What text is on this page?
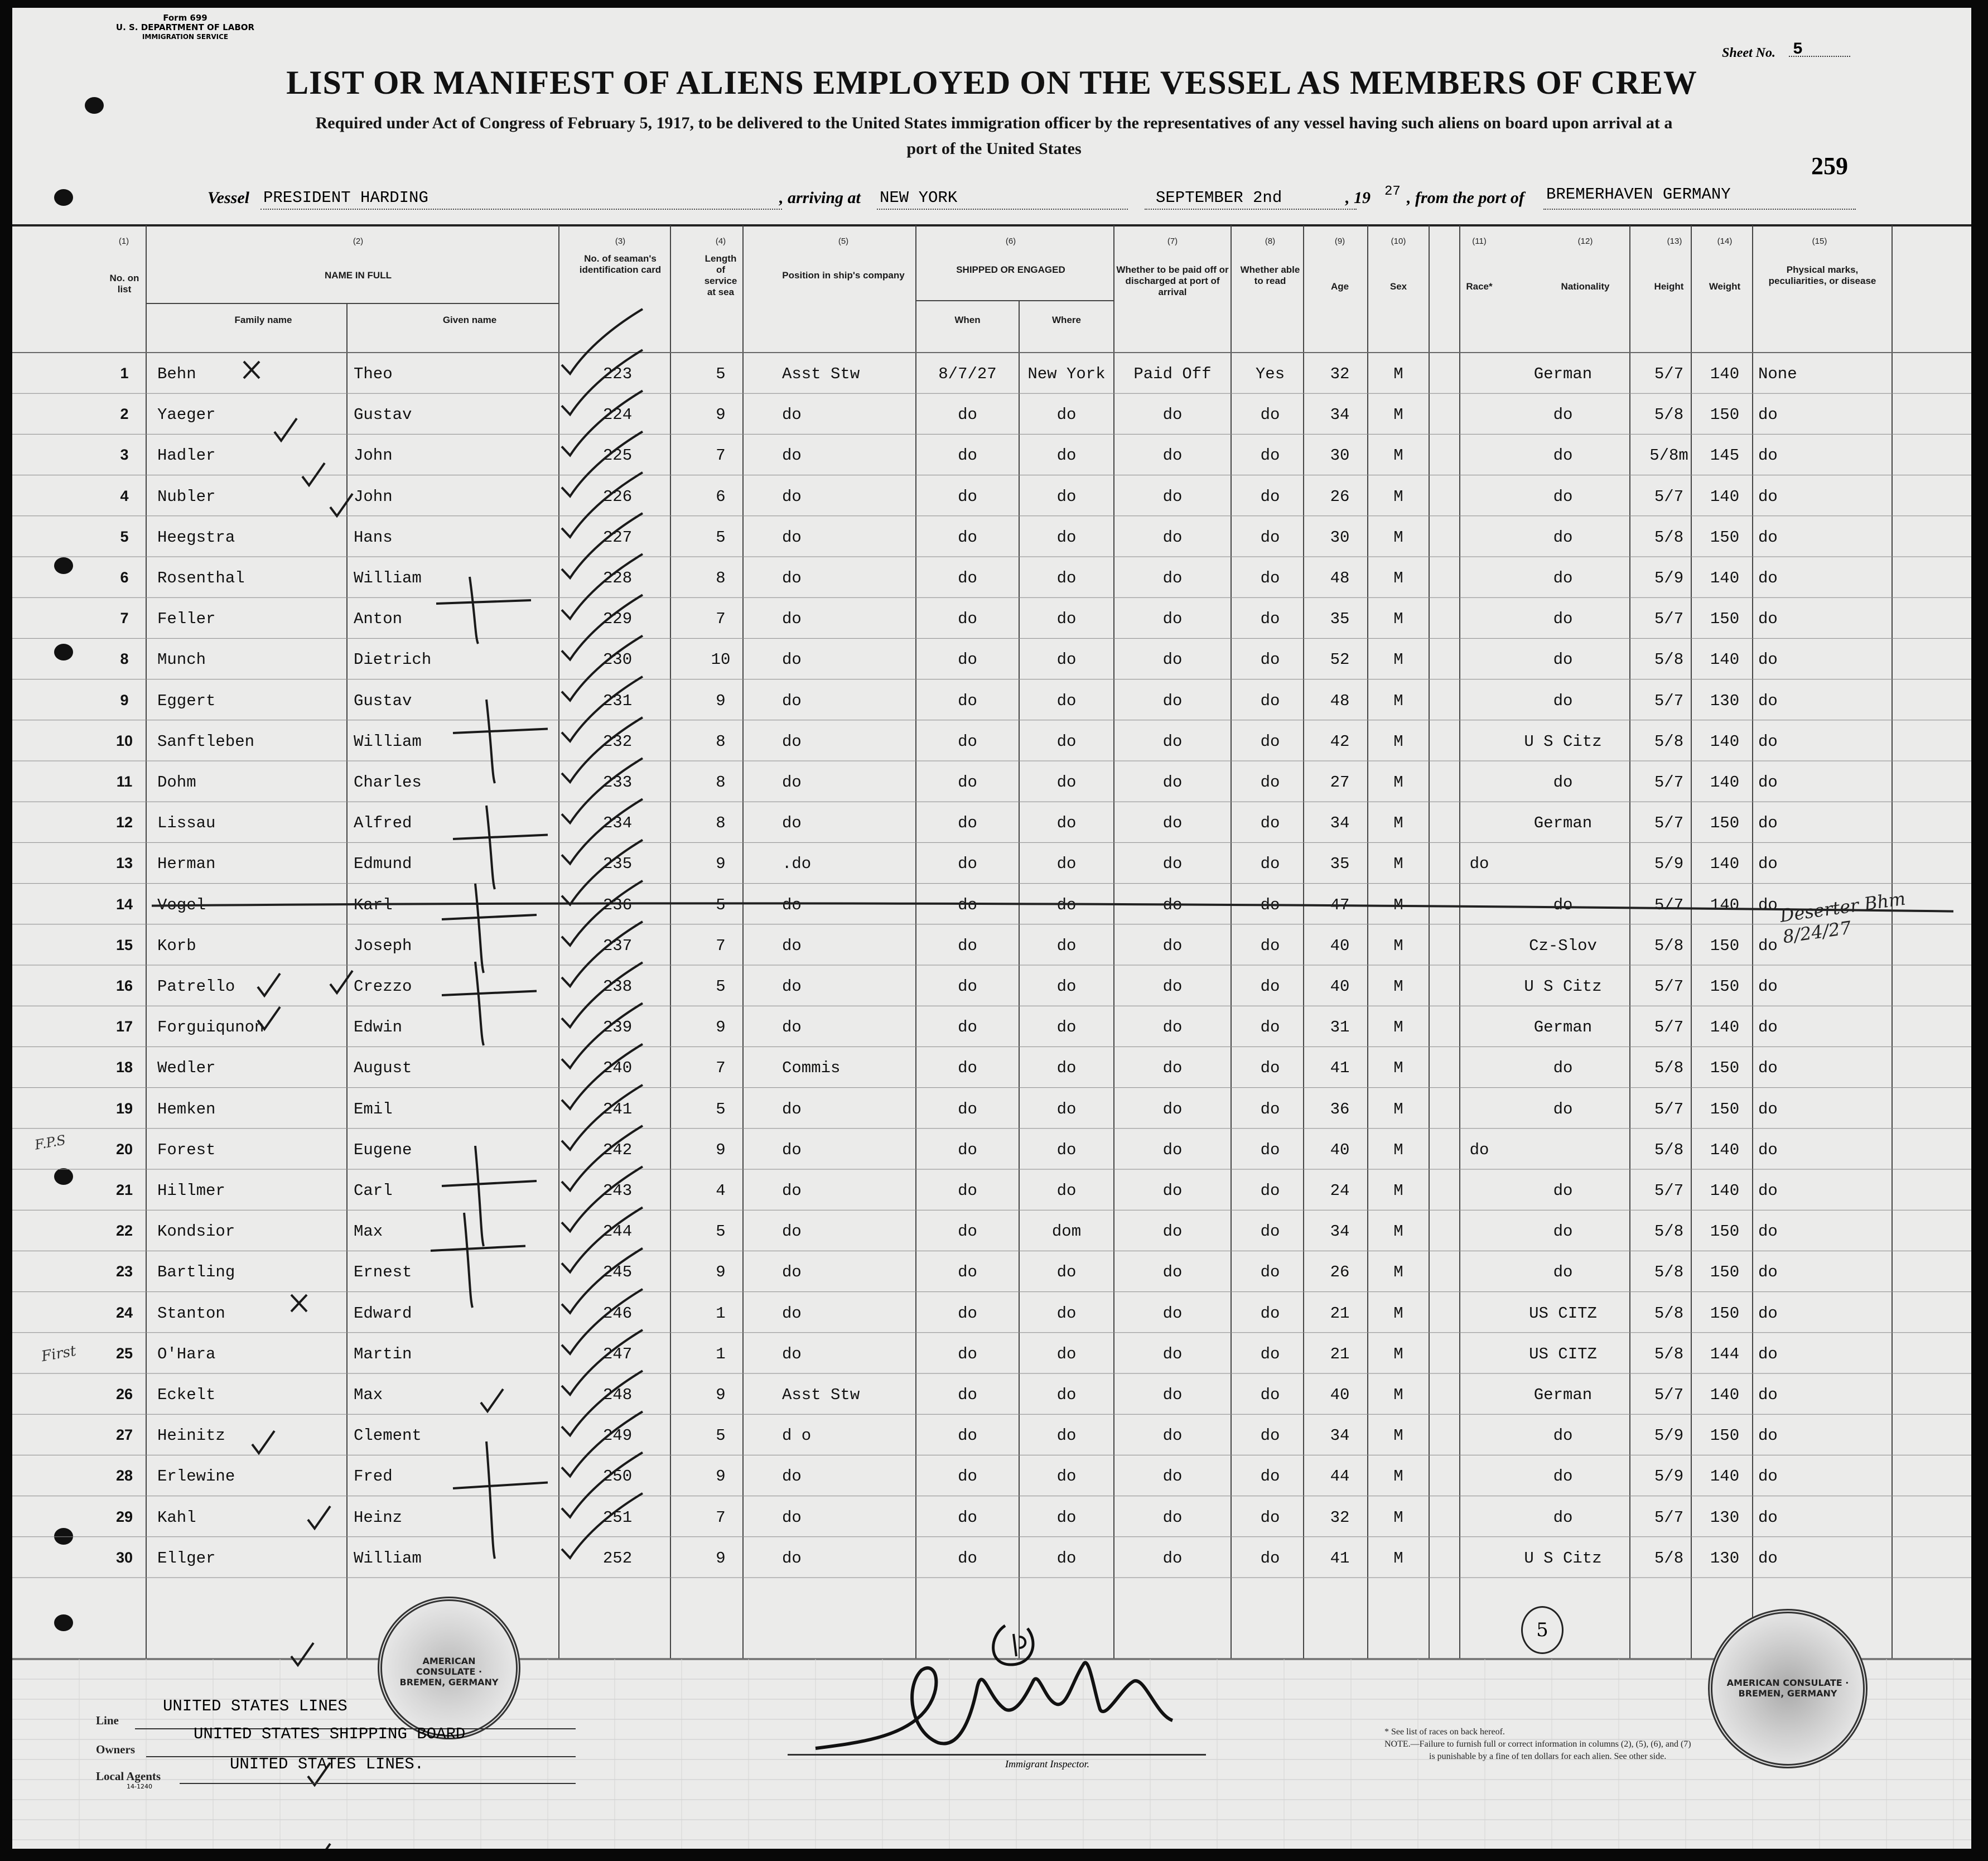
Form 699
U. S. DEPARTMENT OF LABOR
IMMIGRATION SERVICE
Sheet No. 5
LIST OR MANIFEST OF ALIENS EMPLOYED ON THE VESSEL AS MEMBERS OF CREW
Required under Act of Congress of February 5, 1917, to be delivered to the United States immigration officer by the representatives of any vessel having such aliens on board upon arrival at a
port of the United States
259
Vessel PRESIDENT HARDING	, arriving at NEW YORK	SEPTEMBER 2nd	, 19 27 , from the port of BREMERHAVEN GERMANY
(1)
No. on list
(2)
NAME IN FULL
Family name	Given name
(3)
No. of seaman's identification card
(4)
Length of service at sea
(5)
Position in ship's company
(6)
SHIPPED OR ENGAGED
When	Where
(7)
Whether to be paid off or discharged at port of arrival
(8)
Whether able to read
(9)
Age
(10)
Sex
(11)
Race*
(12)
Nationality
(13)
Height
(14)
Weight
(15)
Physical marks, peculiarities, or disease
1	Behn	Theo	223	5	Asst Stw	8/7/27	New York	Paid Off	Yes	32	M	German	5/7	140	None
2	Yaeger	Gustav	224	9	do	do	do	do	do	34	M	do	5/8	150	do
3	Hadler	John	225	7	do	do	do	do	do	30	M	do	5/8m	145	do
4	Nubler	John	226	6	do	do	do	do	do	26	M	do	5/7	140	do
5	Heegstra	Hans	227	5	do	do	do	do	do	30	M	do	5/8	150	do
6	Rosenthal	William	228	8	do	do	do	do	do	48	M	do	5/9	140	do
7	Feller	Anton	229	7	do	do	do	do	do	35	M	do	5/7	150	do
8	Munch	Dietrich	230	10	do	do	do	do	do	52	M	do	5/8	140	do
9	Eggert	Gustav	231	9	do	do	do	do	do	48	M	do	5/7	130	do
10	Sanftleben	William	232	8	do	do	do	do	do	42	M	U S Citz	5/8	140	do
11	Dohm	Charles	233	8	do	do	do	do	do	27	M	do	5/7	140	do
12	Lissau	Alfred	234	8	do	do	do	do	do	34	M	German	5/7	150	do
13	Herman	Edmund	235	9	.do	do	do	do	do	35	M	do	5/9	140	do
14	Vogel	Karl	236	5	do	do	do	do	do	47	M	do	5/7	140	do
15	Korb	Joseph	237	7	do	do	do	do	do	40	M	Cz-Slov	5/8	150	do
16	Patrello	Crezzo	238	5	do	do	do	do	do	40	M	U S Citz	5/7	150	do
17	Forguiqunon	Edwin	239	9	do	do	do	do	do	31	M	German	5/7	140	do
18	Wedler	August	240	7	Commis	do	do	do	do	41	M	do	5/8	150	do
19	Hemken	Emil	241	5	do	do	do	do	do	36	M	do	5/7	150	do
20	Forest	Eugene	242	9	do	do	do	do	do	40	M	do	5/8	140	do
21	Hillmer	Carl	243	4	do	do	do	do	do	24	M	do	5/7	140	do
22	Kondsior	Max	244	5	do	do	dom	do	do	34	M	do	5/8	150	do
23	Bartling	Ernest	245	9	do	do	do	do	do	26	M	do	5/8	150	do
24	Stanton	Edward	246	1	do	do	do	do	do	21	M	US CITZ	5/8	150	do
25	O'Hara	Martin	247	1	do	do	do	do	do	21	M	US CITZ	5/8	144	do
26	Eckelt	Max	248	9	Asst Stw	do	do	do	do	40	M	German	5/7	140	do
27	Heinitz	Clement	249	5	d o	do	do	do	do	34	M	do	5/9	150	do
28	Erlewine	Fred	250	9	do	do	do	do	do	44	M	do	5/9	140	do
29	Kahl	Heinz	251	7	do	do	do	do	do	32	M	do	5/7	130	do
30	Ellger	William	252	9	do	do	do	do	do	41	M	U S Citz	5/8	130	do
Deserter Bhm 8/24/27
F.P.S
First
5
AMERICAN CONSULATE · BREMEN, GERMANY	AMERICAN CONSULATE · BREMEN, GERMANY
Line
UNITED STATES LINES
Owners
UNITED STATES SHIPPING BOARD
Local Agents
UNITED STATES LINES.
14-1240
Immigrant Inspector.
* See list of races on back hereof.
NOTE.—Failure to furnish full or correct information in columns (2), (5), (6), and (7)
is punishable by a fine of ten dollars for each alien. See other side.
